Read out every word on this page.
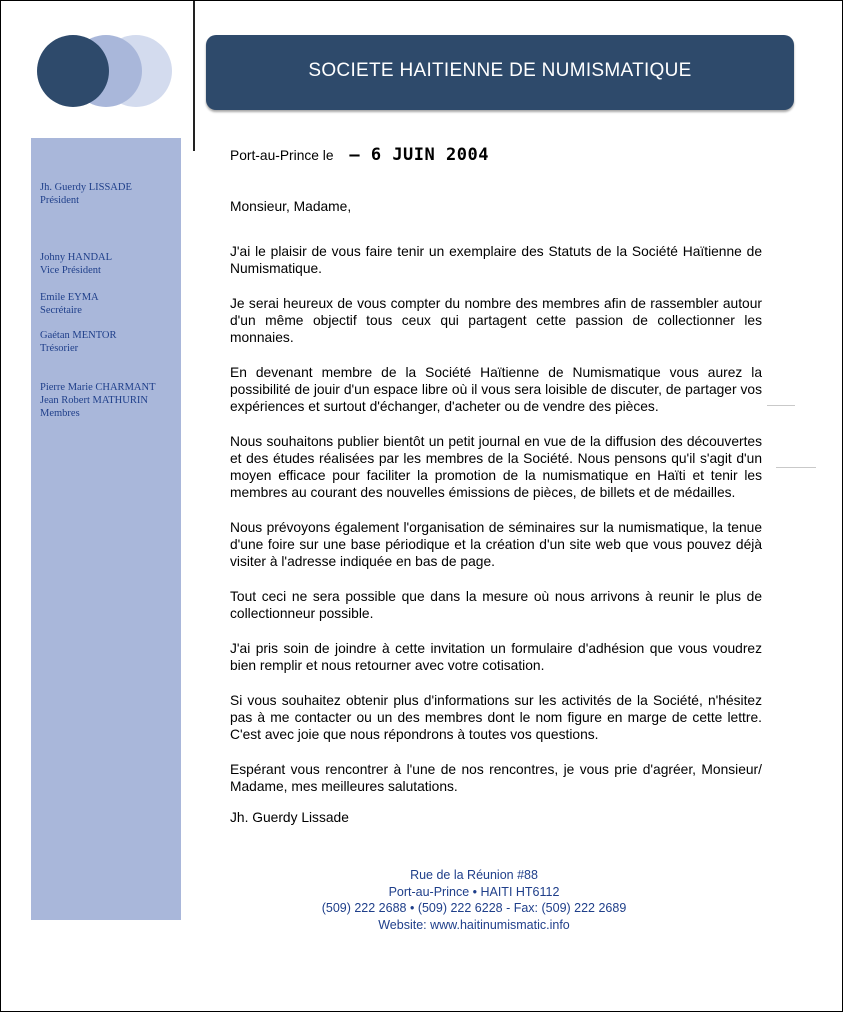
Jh. Guerdy LISSADE
Président
Johny HANDAL
Vice Président
Emile EYMA
Secrétaire
Gaétan MENTOR
Trésorier
Pierre Marie CHARMANT
Jean Robert MATHURIN
Membres
SOCIETE HAITIENNE DE NUMISMATIQUE
Port-au-Prince le – 6 JUIN 2004
Monsieur, Madame,

J'ai le plaisir de vous faire tenir un exemplaire des Statuts de la Société Haïtienne de Numismatique.

Je serai heureux de vous compter du nombre des membres afin de rassembler autour d'un même objectif tous ceux qui partagent cette passion de collectionner les monnaies.

En devenant membre de la Société Haïtienne de Numismatique vous aurez la possibilité de jouir d'un espace libre où il vous sera loisible de discuter, de partager vos expériences et surtout d'échanger, d'acheter ou de vendre des pièces.

Nous souhaitons publier bientôt un petit journal en vue de la diffusion des découvertes et des études réalisées par les membres de la Société. Nous pensons qu'il s'agit d'un moyen efficace pour faciliter la promotion de la numismatique en Haïti et tenir les membres au courant des nouvelles émissions de pièces, de billets et de médailles.

Nous prévoyons également l'organisation de séminaires sur la numismatique, la tenue d'une foire sur une base périodique et la création d'un site web que vous pouvez déjà visiter à l'adresse indiquée en bas de page.

Tout ceci ne sera possible que dans la mesure où nous arrivons à reunir le plus de collectionneur possible.

J'ai pris soin de joindre à cette invitation un formulaire d'adhésion que vous voudrez bien remplir et nous retourner avec votre cotisation.

Si vous souhaitez obtenir plus d'informations sur les activités de la Société, n'hésitez pas à me contacter ou un des membres dont le nom figure en marge de cette lettre. C'est avec joie que nous répondrons à toutes vos questions.

Espérant vous rencontrer à l'une de nos rencontres, je vous prie d'agréer, Monsieur/ Madame, mes meilleures salutations.

Jh. Guerdy Lissade
Rue de la Réunion #88
Port-au-Prince • HAITI HT6112
(509) 222 2688 • (509) 222 6228 - Fax: (509) 222 2689
Website: www.haitinumismatic.info
